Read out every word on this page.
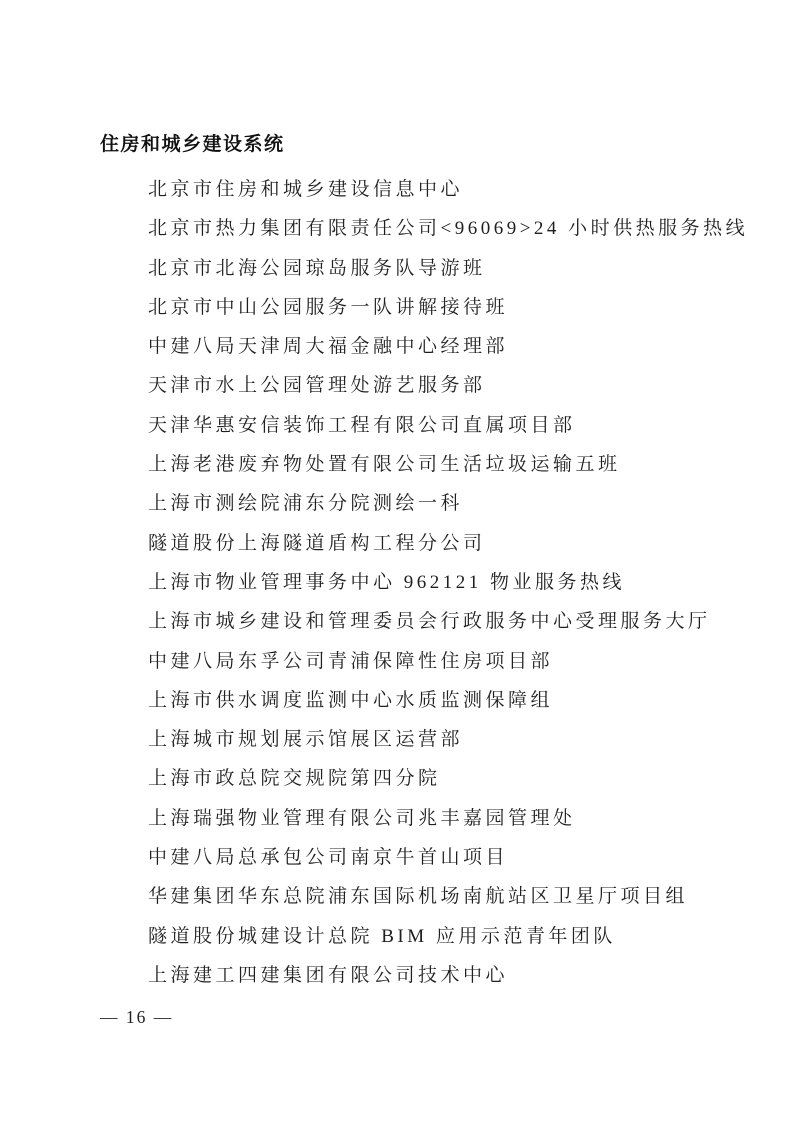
住房和城乡建设系统
北京市住房和城乡建设信息中心
北京市热力集团有限责任公司<96069>24 小时供热服务热线
北京市北海公园琼岛服务队导游班
北京市中山公园服务一队讲解接待班
中建八局天津周大福金融中心经理部
天津市水上公园管理处游艺服务部
天津华惠安信装饰工程有限公司直属项目部
上海老港废弃物处置有限公司生活垃圾运输五班
上海市测绘院浦东分院测绘一科
隧道股份上海隧道盾构工程分公司
上海市物业管理事务中心 962121 物业服务热线
上海市城乡建设和管理委员会行政服务中心受理服务大厅
中建八局东孚公司青浦保障性住房项目部
上海市供水调度监测中心水质监测保障组
上海城市规划展示馆展区运营部
上海市政总院交规院第四分院
上海瑞强物业管理有限公司兆丰嘉园管理处
中建八局总承包公司南京牛首山项目
华建集团华东总院浦东国际机场南航站区卫星厅项目组
隧道股份城建设计总院 BIM 应用示范青年团队
上海建工四建集团有限公司技术中心
— 16 —
